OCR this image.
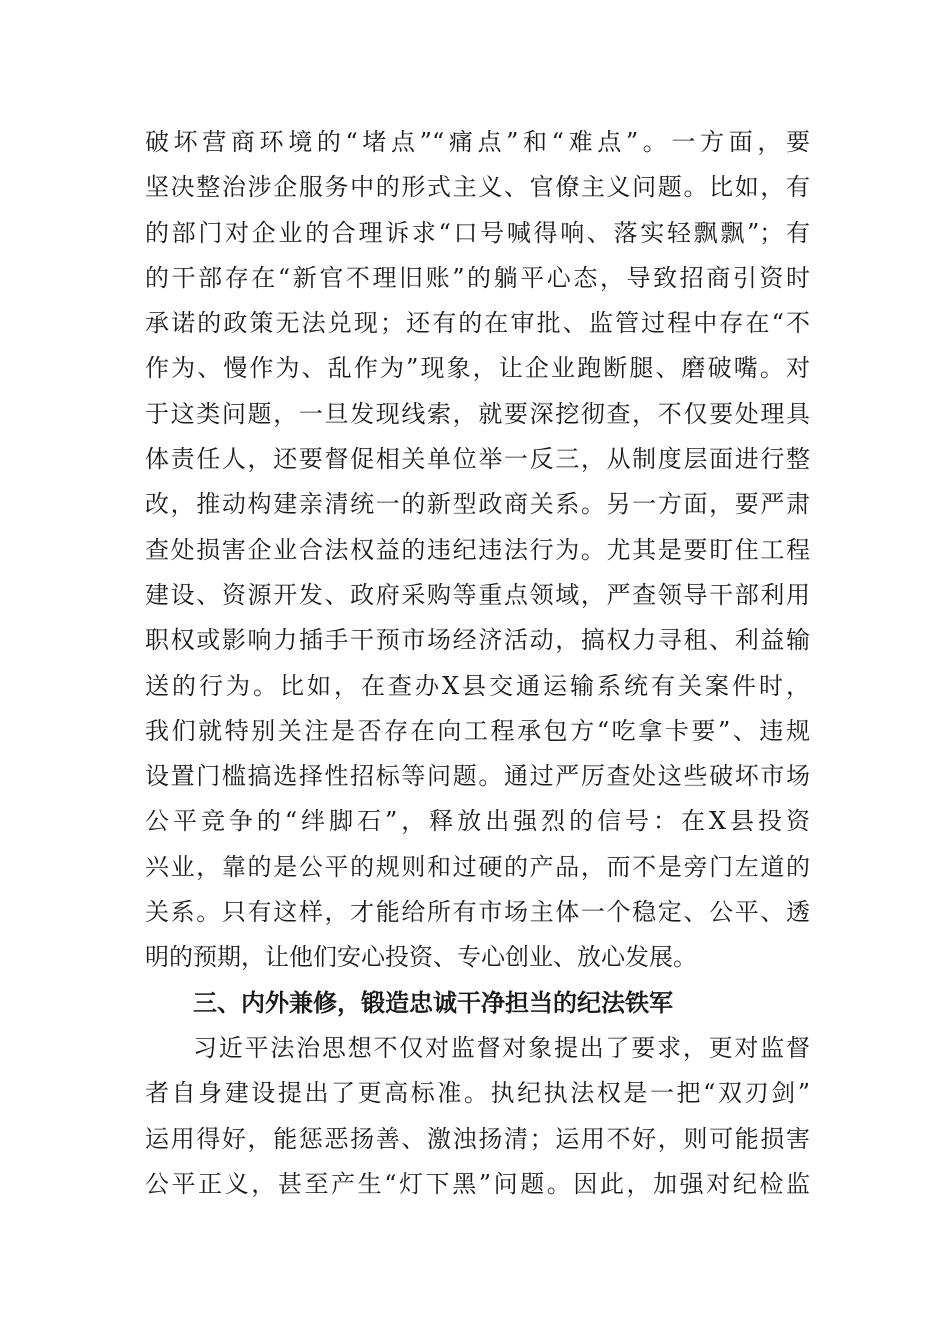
破坏营商环境的“堵点”“痛点”和“难点”。一方面，要
坚决整治涉企服务中的形式主义、官僚主义问题。比如，有
的部门对企业的合理诉求“口号喊得响、落实轻飘飘”；有
的干部存在“新官不理旧账”的躺平心态，导致招商引资时
承诺的政策无法兑现；还有的在审批、监管过程中存在“不
作为、慢作为、乱作为”现象，让企业跑断腿、磨破嘴。对
于这类问题，一旦发现线索，就要深挖彻查，不仅要处理具
体责任人，还要督促相关单位举一反三，从制度层面进行整
改，推动构建亲清统一的新型政商关系。另一方面，要严肃
查处损害企业合法权益的违纪违法行为。尤其是要盯住工程
建设、资源开发、政府采购等重点领域，严查领导干部利用
职权或影响力插手干预市场经济活动，搞权力寻租、利益输
送的行为。比如，在查办X县交通运输系统有关案件时，
我们就特别关注是否存在向工程承包方“吃拿卡要”、违规
设置门槛搞选择性招标等问题。通过严厉查处这些破坏市场
公平竞争的“绊脚石”，释放出强烈的信号：在X县投资
兴业，靠的是公平的规则和过硬的产品，而不是旁门左道的
关系。只有这样，才能给所有市场主体一个稳定、公平、透
明的预期，让他们安心投资、专心创业、放心发展。
三、内外兼修，锻造忠诚干净担当的纪法铁军
习近平法治思想不仅对监督对象提出了要求，更对监督
者自身建设提出了更高标准。执纪执法权是一把“双刃剑”
运用得好，能惩恶扬善、激浊扬清；运用不好，则可能损害
公平正义，甚至产生“灯下黑”问题。因此，加强对纪检监
